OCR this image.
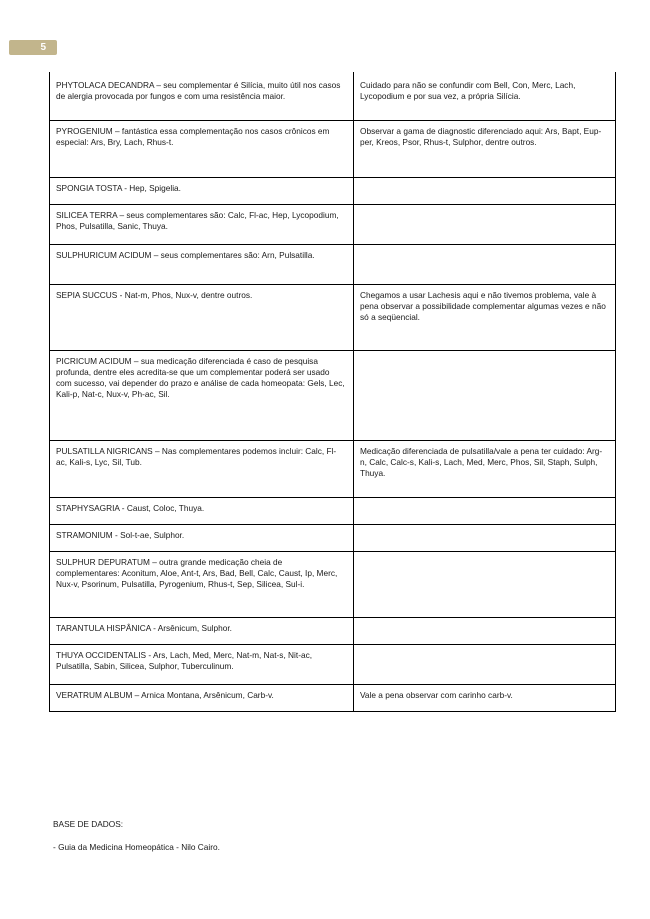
5
PHYTOLACA DECANDRA – seu complementar é Silícia, muito útil nos casos de alergia provocada por fungos e com uma resistência maior.	Cuidado para não se confundir com Bell, Con, Merc, Lach, Lycopodium e por sua vez, a própria Silícia.
PYROGENIUM – fantástica essa complementação nos casos crônicos em especial: Ars, Bry, Lach, Rhus-t.	Observar a gama de diagnostic diferenciado aqui: Ars, Bapt, Eup-per, Kreos, Psor, Rhus-t, Sulphor, dentre outros.
SPONGIA TOSTA - Hep, Spigelia.	
SILICEA TERRA – seus complementares são: Calc, Fl-ac, Hep, Lycopodium, Phos, Pulsatilla, Sanic, Thuya.	
SULPHURICUM ACIDUM – seus complementares são: Arn, Pulsatilla.	
SEPIA SUCCUS - Nat-m, Phos, Nux-v, dentre outros.	Chegamos a usar Lachesis aqui e não tivemos problema, vale à pena observar a possibilidade complementar algumas vezes e não só a seqüencial.
PICRICUM ACIDUM – sua medicação diferenciada é caso de pesquisa profunda, dentre eles acredita-se que um complementar poderá ser usado com sucesso, vai depender do prazo e análise de cada homeopata: Gels, Lec, Kali-p, Nat-c, Nux-v, Ph-ac, Sil.	
PULSATILLA NIGRICANS – Nas complementares podemos incluir: Calc, Fl-ac, Kali-s, Lyc, Sil, Tub.	Medicação diferenciada de pulsatilla/vale a pena ter cuidado: Arg-n, Calc, Calc-s, Kali-s, Lach, Med, Merc, Phos, Sil, Staph, Sulph, Thuya.
STAPHYSAGRIA - Caust, Coloc, Thuya.	
STRAMONIUM - Sol-t-ae, Sulphor.	
SULPHUR DEPURATUM – outra grande medicação cheia de complementares: Aconitum, Aloe, Ant-t, Ars, Bad, Bell, Calc, Caust, Ip, Merc, Nux-v, Psorinum, Pulsatilla, Pyrogenium, Rhus-t, Sep, Silicea, Sul-i.	
TARANTULA HISPÂNICA - Arsênicum, Sulphor.	
THUYA OCCIDENTALIS - Ars, Lach, Med, Merc, Nat-m, Nat-s, Nit-ac, Pulsatilla, Sabin, Silicea, Sulphor, Tuberculinum.	
VERATRUM ALBUM – Arnica Montana, Arsênicum, Carb-v.	Vale a pena observar com carinho carb-v.
BASE DE DADOS:
- Guia da Medicina Homeopática - Nilo Cairo.
